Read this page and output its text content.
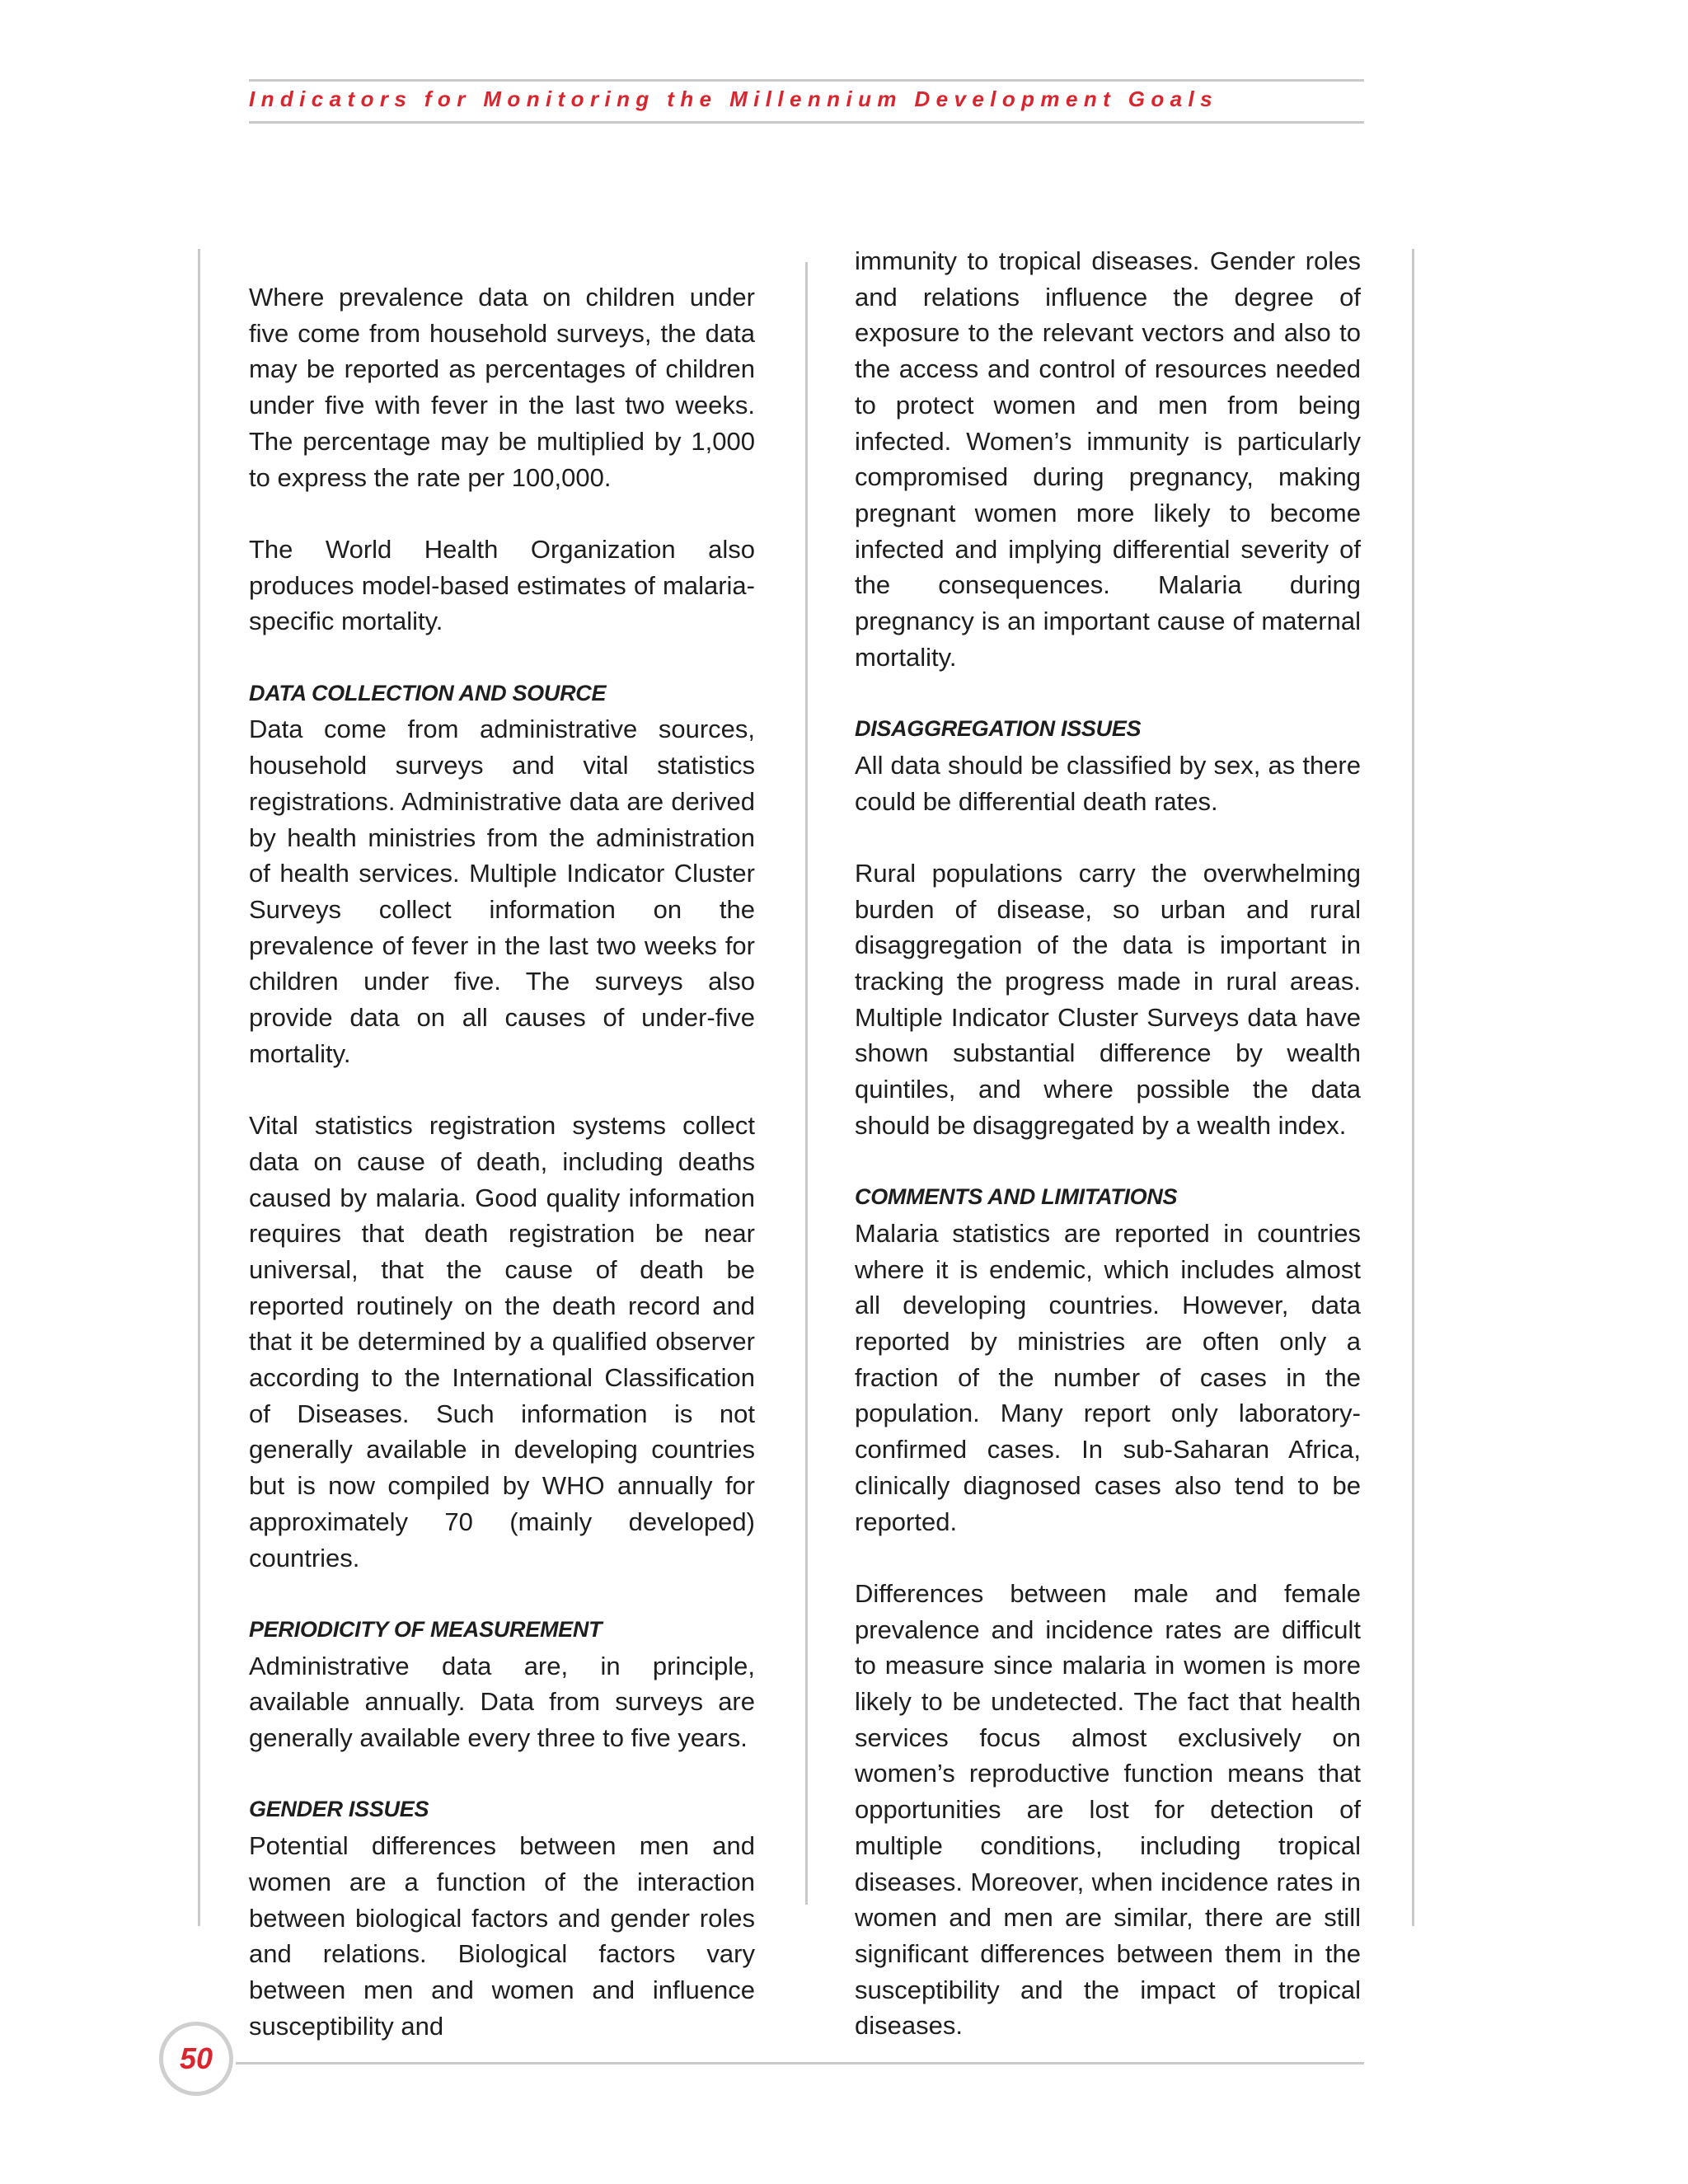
Indicators for Monitoring the Millennium Development Goals

Where prevalence data on children under five come from household surveys, the data may be reported as percentages of children under five with fever in the last two weeks. The percentage may be multiplied by 1,000 to express the rate per 100,000.

The World Health Organization also produces model-based estimates of malaria-specific mortality.

DATA COLLECTION AND SOURCE

Data come from administrative sources, household surveys and vital statistics registrations. Administrative data are derived by health ministries from the administration of health services. Multiple Indicator Cluster Surveys collect information on the prevalence of fever in the last two weeks for children under five. The surveys also provide data on all causes of under-five mortality.

Vital statistics registration systems collect data on cause of death, including deaths caused by malaria. Good quality information requires that death registration be near universal, that the cause of death be reported routinely on the death record and that it be determined by a qualified observer according to the International Classification of Diseases. Such information is not generally available in developing countries but is now compiled by WHO annually for approximately 70 (mainly developed) countries.

PERIODICITY OF MEASUREMENT

Administrative data are, in principle, available annually. Data from surveys are generally available every three to five years.

GENDER ISSUES

Potential differences between men and women are a function of the interaction between biological factors and gender roles and relations. Biological factors vary between men and women and influence susceptibility and

immunity to tropical diseases. Gender roles and relations influence the degree of exposure to the relevant vectors and also to the access and control of resources needed to protect women and men from being infected. Women’s immunity is particularly compromised during pregnancy, making pregnant women more likely to become infected and implying differential severity of the consequences. Malaria during pregnancy is an important cause of maternal mortality.

DISAGGREGATION ISSUES

All data should be classified by sex, as there could be differential death rates.

Rural populations carry the overwhelming burden of disease, so urban and rural disaggregation of the data is important in tracking the progress made in rural areas. Multiple Indicator Cluster Surveys data have shown substantial difference by wealth quintiles, and where possible the data should be disaggregated by a wealth index.

COMMENTS AND LIMITATIONS

Malaria statistics are reported in countries where it is endemic, which includes almost all developing countries. However, data reported by ministries are often only a fraction of the number of cases in the population. Many report only laboratory-confirmed cases. In sub-Saharan Africa, clinically diagnosed cases also tend to be reported.

Differences between male and female prevalence and incidence rates are difficult to measure since malaria in women is more likely to be undetected. The fact that health services focus almost exclusively on women’s reproductive function means that opportunities are lost for detection of multiple conditions, including tropical diseases. Moreover, when incidence rates in women and men are similar, there are still significant differences between them in the susceptibility and the impact of tropical diseases.

50
